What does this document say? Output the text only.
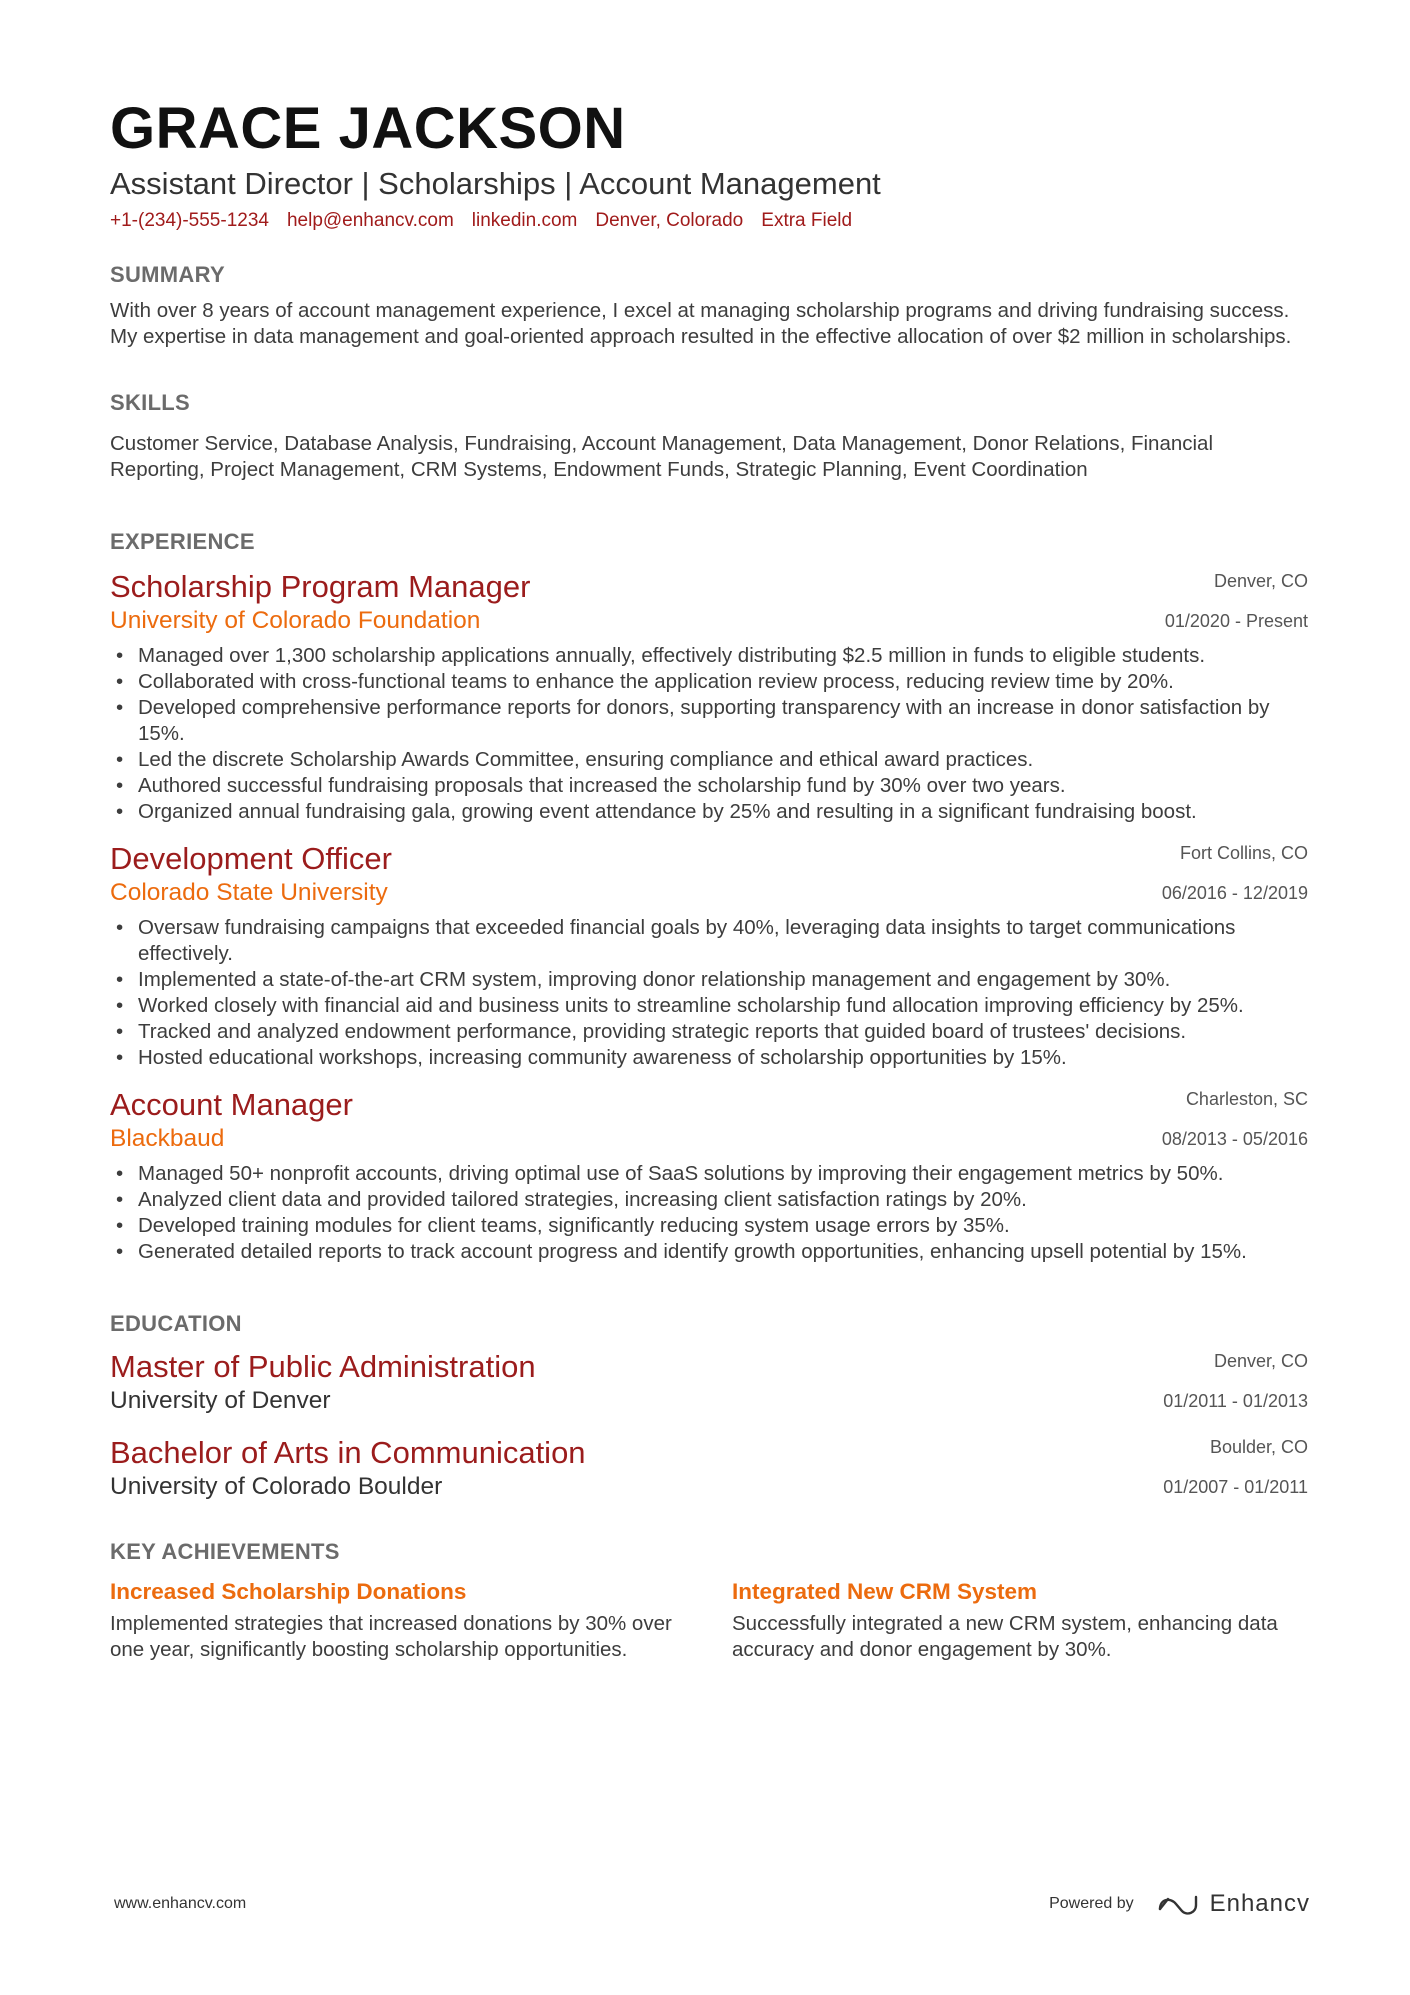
GRACE JACKSON
Assistant Director | Scholarships | Account Management
+1-(234)-555-1234 help@enhancv.com linkedin.com Denver, Colorado Extra Field
SUMMARY
With over 8 years of account management experience, I excel at managing scholarship programs and driving fundraising success. My expertise in data management and goal-oriented approach resulted in the effective allocation of over $2 million in scholarships.
SKILLS
Customer Service, Database Analysis, Fundraising, Account Management, Data Management, Donor Relations, Financial Reporting, Project Management, CRM Systems, Endowment Funds, Strategic Planning, Event Coordination
EXPERIENCE
Scholarship Program Manager	Denver, CO
University of Colorado Foundation	01/2020 - Present
• Managed over 1,300 scholarship applications annually, effectively distributing $2.5 million in funds to eligible students.
• Collaborated with cross-functional teams to enhance the application review process, reducing review time by 20%.
• Developed comprehensive performance reports for donors, supporting transparency with an increase in donor satisfaction by 15%.
• Led the discrete Scholarship Awards Committee, ensuring compliance and ethical award practices.
• Authored successful fundraising proposals that increased the scholarship fund by 30% over two years.
• Organized annual fundraising gala, growing event attendance by 25% and resulting in a significant fundraising boost.
Development Officer	Fort Collins, CO
Colorado State University	06/2016 - 12/2019
• Oversaw fundraising campaigns that exceeded financial goals by 40%, leveraging data insights to target communications effectively.
• Implemented a state-of-the-art CRM system, improving donor relationship management and engagement by 30%.
• Worked closely with financial aid and business units to streamline scholarship fund allocation improving efficiency by 25%.
• Tracked and analyzed endowment performance, providing strategic reports that guided board of trustees' decisions.
• Hosted educational workshops, increasing community awareness of scholarship opportunities by 15%.
Account Manager	Charleston, SC
Blackbaud	08/2013 - 05/2016
• Managed 50+ nonprofit accounts, driving optimal use of SaaS solutions by improving their engagement metrics by 50%.
• Analyzed client data and provided tailored strategies, increasing client satisfaction ratings by 20%.
• Developed training modules for client teams, significantly reducing system usage errors by 35%.
• Generated detailed reports to track account progress and identify growth opportunities, enhancing upsell potential by 15%.
EDUCATION
Master of Public Administration	Denver, CO
University of Denver	01/2011 - 01/2013
Bachelor of Arts in Communication	Boulder, CO
University of Colorado Boulder	01/2007 - 01/2011
KEY ACHIEVEMENTS
Increased Scholarship Donations
Implemented strategies that increased donations by 30% over one year, significantly boosting scholarship opportunities.
Integrated New CRM System
Successfully integrated a new CRM system, enhancing data accuracy and donor engagement by 30%.
www.enhancv.com	Powered by	Enhancv
